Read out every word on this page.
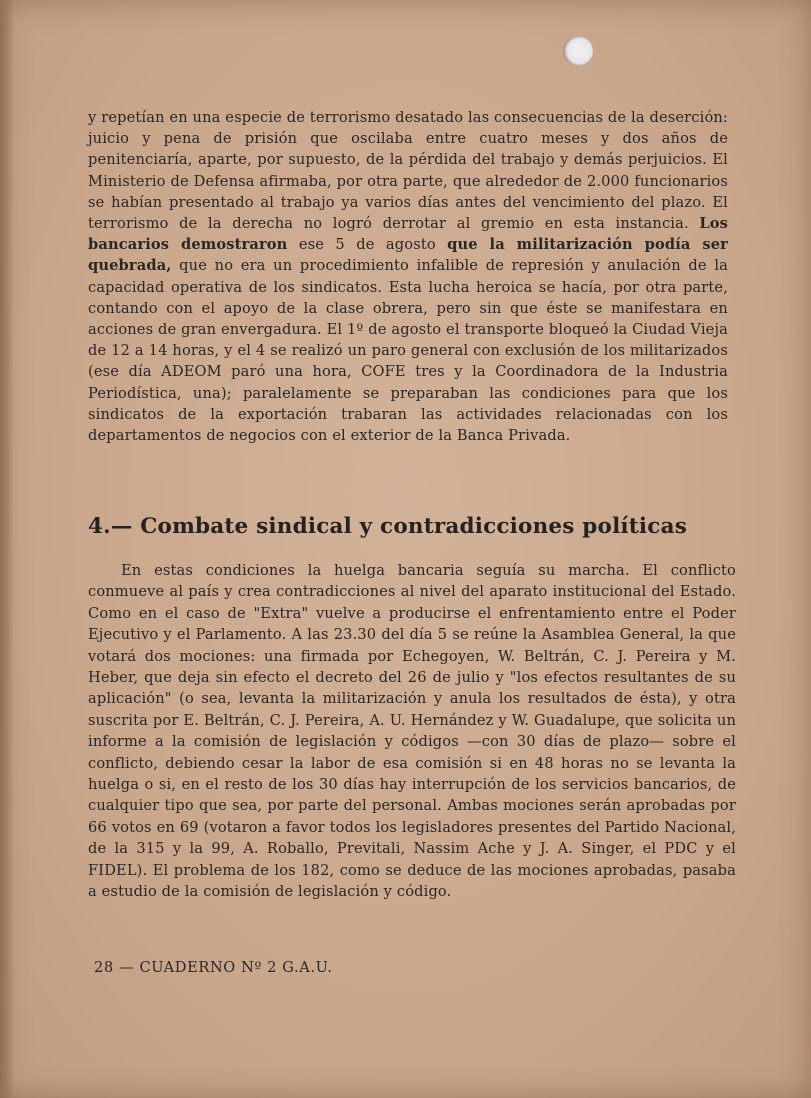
y repetían en una especie de terrorismo desatado las consecuencias de la deserción: juicio y pena de prisión que oscilaba entre cuatro meses y dos años de penitenciaría, aparte, por supuesto, de la pérdida del trabajo y demás perjuicios. El Ministerio de Defensa afirmaba, por otra parte, que alrededor de 2.000 funcionarios se habían presentado al trabajo ya varios días antes del vencimiento del plazo. El terrorismo de la derecha no logró derrotar al gremio en esta instancia. Los bancarios demostraron ese 5 de agosto que la militarización podía ser quebrada, que no era un procedimiento infalible de represión y anulación de la capacidad operativa de los sindicatos. Esta lucha heroica se hacía, por otra parte, contando con el apoyo de la clase obrera, pero sin que éste se manifestara en acciones de gran envergadura. El 1º de agosto el transporte bloqueó la Ciudad Vieja de 12 a 14 horas, y el 4 se realizó un paro general con exclusión de los militarizados (ese día ADEOM paró una hora, COFE tres y la Coordinadora de la Industria Periodística, una); paralelamente se preparaban las condiciones para que los sindicatos de la exportación trabaran las actividades relacionadas con los departamentos de negocios con el exterior de la Banca Privada.
4.— Combate sindical y contradicciones políticas
En estas condiciones la huelga bancaria seguía su marcha. El conflicto conmueve al país y crea contradicciones al nivel del aparato institucional del Estado. Como en el caso de "Extra" vuelve a producirse el enfrentamiento entre el Poder Ejecutivo y el Parlamento. A las 23.30 del día 5 se reúne la Asamblea General, la que votará dos mociones: una firmada por Echegoyen, W. Beltrán, C. J. Pereira y M. Heber, que deja sin efecto el decreto del 26 de julio y "los efectos resultantes de su aplicación" (o sea, levanta la militarización y anula los resultados de ésta), y otra suscrita por E. Beltrán, C. J. Pereira, A. U. Hernández y W. Guadalupe, que solicita un informe a la comisión de legislación y códigos —con 30 días de plazo— sobre el conflicto, debiendo cesar la labor de esa comisión si en 48 horas no se levanta la huelga o si, en el resto de los 30 días hay interrupción de los servicios bancarios, de cualquier tipo que sea, por parte del personal. Ambas mociones serán aprobadas por 66 votos en 69 (votaron a favor todos los legisladores presentes del Partido Nacional, de la 315 y la 99, A. Roballo, Previtali, Nassim Ache y J. A. Singer, el PDC y el FIDEL). El problema de los 182, como se deduce de las mociones aprobadas, pasaba a estudio de la comisión de legislación y código.
28 — CUADERNO Nº 2 G.A.U.
